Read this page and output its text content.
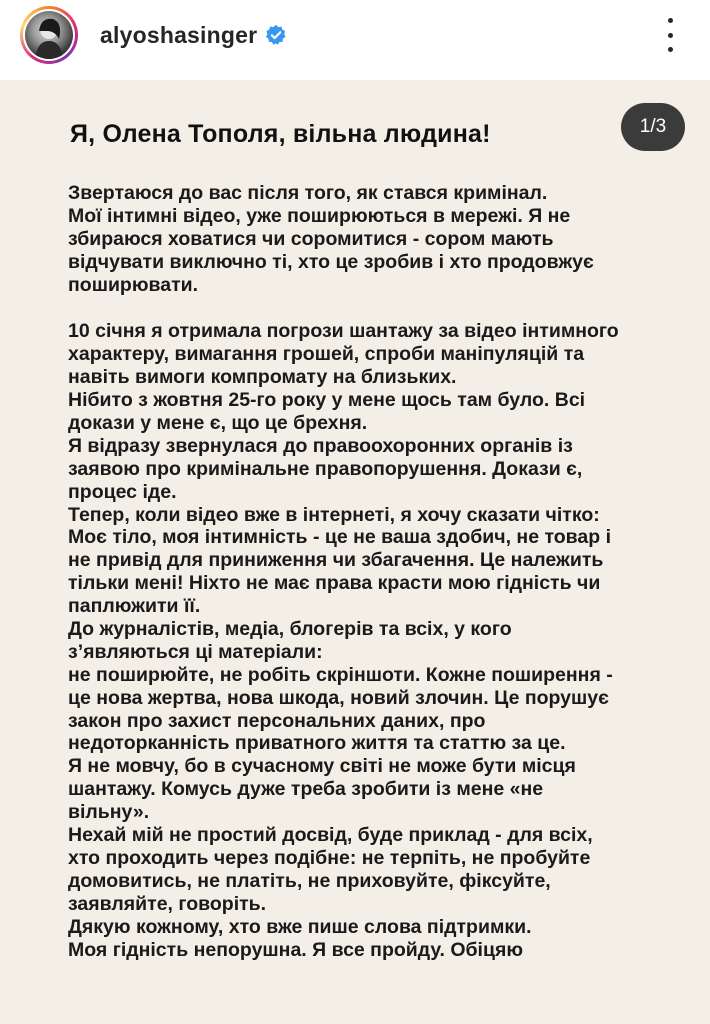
alyoshasinger
Я, Олена Тополя, вільна людина!	1/3
Звертаюся до вас після того, як стався кримінал.
Мої інтимні відео, уже поширюються в мережі. Я не
збираюся ховатися чи соромитися - сором мають
відчувати виключно ті, хто це зробив і хто продовжує
поширювати.
10 січня я отримала погрози шантажу за відео інтимного
характеру, вимагання грошей, спроби маніпуляцій та
навіть вимоги компромату на близьких.
Нібито з жовтня 25-го року у мене щось там було. Всі
докази у мене є, що це брехня.
Я відразу звернулася до правоохоронних органів із
заявою про кримінальне правопорушення. Докази є,
процес іде.
Тепер, коли відео вже в інтернеті, я хочу сказати чітко:
Моє тіло, моя інтимність - це не ваша здобич, не товар і
не привід для приниження чи збагачення. Це належить
тільки мені! Ніхто не має права красти мою гідність чи
паплюжити її.
До журналістів, медіа, блогерів та всіх, у кого
з’являються ці матеріали:
не поширюйте, не робіть скріншоти. Кожне поширення -
це нова жертва, нова шкода, новий злочин. Це порушує
закон про захист персональних даних, про
недоторканність приватного життя та статтю за це.
Я не мовчу, бо в сучасному світі не може бути місця
шантажу. Комусь дуже треба зробити із мене «не
вільну».
Нехай мій не простий досвід, буде приклад - для всіх,
хто проходить через подібне: не терпіть, не пробуйте
домовитись, не платіть, не приховуйте, фіксуйте,
заявляйте, говоріть.
Дякую кожному, хто вже пише слова підтримки.
Моя гідність непорушна. Я все пройду. Обіцяю
